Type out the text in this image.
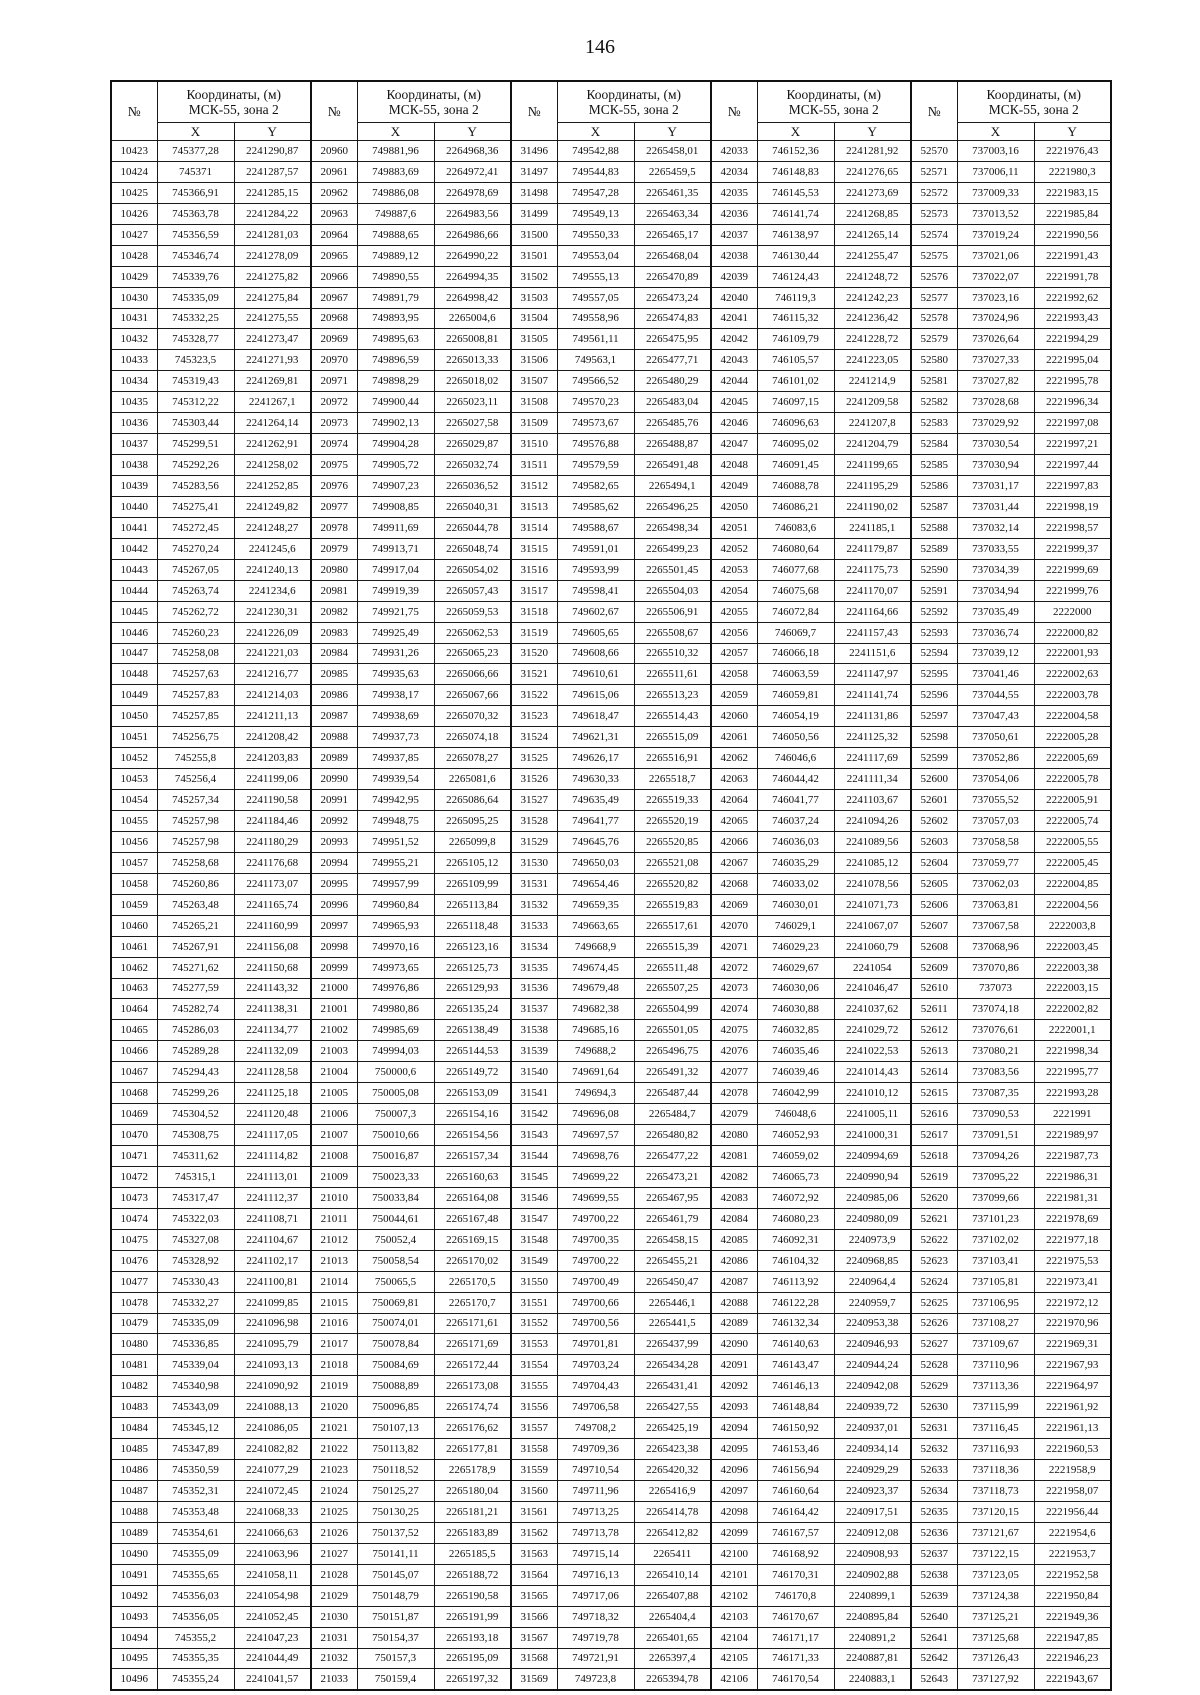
146
№	Координаты, (м)
МСК-55, зона 2		№	Координаты, (м)
МСК-55, зона 2		№	Координаты, (м)
МСК-55, зона 2		№	Координаты, (м)
МСК-55, зона 2		№	Координаты, (м)
МСК-55, зона 2	
	X	Y		X	Y		X	Y		X	Y		X	Y
10423	745377,28	2241290,87	20960	749881,96	2264968,36	31496	749542,88	2265458,01	42033	746152,36	2241281,92	52570	737003,16	2221976,43
10424	745371	2241287,57	20961	749883,69	2264972,41	31497	749544,83	2265459,5	42034	746148,83	2241276,65	52571	737006,11	2221980,3
10425	745366,91	2241285,15	20962	749886,08	2264978,69	31498	749547,28	2265461,35	42035	746145,53	2241273,69	52572	737009,33	2221983,15
10426	745363,78	2241284,22	20963	749887,6	2264983,56	31499	749549,13	2265463,34	42036	746141,74	2241268,85	52573	737013,52	2221985,84
10427	745356,59	2241281,03	20964	749888,65	2264986,66	31500	749550,33	2265465,17	42037	746138,97	2241265,14	52574	737019,24	2221990,56
10428	745346,74	2241278,09	20965	749889,12	2264990,22	31501	749553,04	2265468,04	42038	746130,44	2241255,47	52575	737021,06	2221991,43
10429	745339,76	2241275,82	20966	749890,55	2264994,35	31502	749555,13	2265470,89	42039	746124,43	2241248,72	52576	737022,07	2221991,78
10430	745335,09	2241275,84	20967	749891,79	2264998,42	31503	749557,05	2265473,24	42040	746119,3	2241242,23	52577	737023,16	2221992,62
10431	745332,25	2241275,55	20968	749893,95	2265004,6	31504	749558,96	2265474,83	42041	746115,32	2241236,42	52578	737024,96	2221993,43
10432	745328,77	2241273,47	20969	749895,63	2265008,81	31505	749561,11	2265475,95	42042	746109,79	2241228,72	52579	737026,64	2221994,29
10433	745323,5	2241271,93	20970	749896,59	2265013,33	31506	749563,1	2265477,71	42043	746105,57	2241223,05	52580	737027,33	2221995,04
10434	745319,43	2241269,81	20971	749898,29	2265018,02	31507	749566,52	2265480,29	42044	746101,02	2241214,9	52581	737027,82	2221995,78
10435	745312,22	2241267,1	20972	749900,44	2265023,11	31508	749570,23	2265483,04	42045	746097,15	2241209,58	52582	737028,68	2221996,34
10436	745303,44	2241264,14	20973	749902,13	2265027,58	31509	749573,67	2265485,76	42046	746096,63	2241207,8	52583	737029,92	2221997,08
10437	745299,51	2241262,91	20974	749904,28	2265029,87	31510	749576,88	2265488,87	42047	746095,02	2241204,79	52584	737030,54	2221997,21
10438	745292,26	2241258,02	20975	749905,72	2265032,74	31511	749579,59	2265491,48	42048	746091,45	2241199,65	52585	737030,94	2221997,44
10439	745283,56	2241252,85	20976	749907,23	2265036,52	31512	749582,65	2265494,1	42049	746088,78	2241195,29	52586	737031,17	2221997,83
10440	745275,41	2241249,82	20977	749908,85	2265040,31	31513	749585,62	2265496,25	42050	746086,21	2241190,02	52587	737031,44	2221998,19
10441	745272,45	2241248,27	20978	749911,69	2265044,78	31514	749588,67	2265498,34	42051	746083,6	2241185,1	52588	737032,14	2221998,57
10442	745270,24	2241245,6	20979	749913,71	2265048,74	31515	749591,01	2265499,23	42052	746080,64	2241179,87	52589	737033,55	2221999,37
10443	745267,05	2241240,13	20980	749917,04	2265054,02	31516	749593,99	2265501,45	42053	746077,68	2241175,73	52590	737034,39	2221999,69
10444	745263,74	2241234,6	20981	749919,39	2265057,43	31517	749598,41	2265504,03	42054	746075,68	2241170,07	52591	737034,94	2221999,76
10445	745262,72	2241230,31	20982	749921,75	2265059,53	31518	749602,67	2265506,91	42055	746072,84	2241164,66	52592	737035,49	2222000
10446	745260,23	2241226,09	20983	749925,49	2265062,53	31519	749605,65	2265508,67	42056	746069,7	2241157,43	52593	737036,74	2222000,82
10447	745258,08	2241221,03	20984	749931,26	2265065,23	31520	749608,66	2265510,32	42057	746066,18	2241151,6	52594	737039,12	2222001,93
10448	745257,63	2241216,77	20985	749935,63	2265066,66	31521	749610,61	2265511,61	42058	746063,59	2241147,97	52595	737041,46	2222002,63
10449	745257,83	2241214,03	20986	749938,17	2265067,66	31522	749615,06	2265513,23	42059	746059,81	2241141,74	52596	737044,55	2222003,78
10450	745257,85	2241211,13	20987	749938,69	2265070,32	31523	749618,47	2265514,43	42060	746054,19	2241131,86	52597	737047,43	2222004,58
10451	745256,75	2241208,42	20988	749937,73	2265074,18	31524	749621,31	2265515,09	42061	746050,56	2241125,32	52598	737050,61	2222005,28
10452	745255,8	2241203,83	20989	749937,85	2265078,27	31525	749626,17	2265516,91	42062	746046,6	2241117,69	52599	737052,86	2222005,69
10453	745256,4	2241199,06	20990	749939,54	2265081,6	31526	749630,33	2265518,7	42063	746044,42	2241111,34	52600	737054,06	2222005,78
10454	745257,34	2241190,58	20991	749942,95	2265086,64	31527	749635,49	2265519,33	42064	746041,77	2241103,67	52601	737055,52	2222005,91
10455	745257,98	2241184,46	20992	749948,75	2265095,25	31528	749641,77	2265520,19	42065	746037,24	2241094,26	52602	737057,03	2222005,74
10456	745257,98	2241180,29	20993	749951,52	2265099,8	31529	749645,76	2265520,85	42066	746036,03	2241089,56	52603	737058,58	2222005,55
10457	745258,68	2241176,68	20994	749955,21	2265105,12	31530	749650,03	2265521,08	42067	746035,29	2241085,12	52604	737059,77	2222005,45
10458	745260,86	2241173,07	20995	749957,99	2265109,99	31531	749654,46	2265520,82	42068	746033,02	2241078,56	52605	737062,03	2222004,85
10459	745263,48	2241165,74	20996	749960,84	2265113,84	31532	749659,35	2265519,83	42069	746030,01	2241071,73	52606	737063,81	2222004,56
10460	745265,21	2241160,99	20997	749965,93	2265118,48	31533	749663,65	2265517,61	42070	746029,1	2241067,07	52607	737067,58	2222003,8
10461	745267,91	2241156,08	20998	749970,16	2265123,16	31534	749668,9	2265515,39	42071	746029,23	2241060,79	52608	737068,96	2222003,45
10462	745271,62	2241150,68	20999	749973,65	2265125,73	31535	749674,45	2265511,48	42072	746029,67	2241054	52609	737070,86	2222003,38
10463	745277,59	2241143,32	21000	749976,86	2265129,93	31536	749679,48	2265507,25	42073	746030,06	2241046,47	52610	737073	2222003,15
10464	745282,74	2241138,31	21001	749980,86	2265135,24	31537	749682,38	2265504,99	42074	746030,88	2241037,62	52611	737074,18	2222002,82
10465	745286,03	2241134,77	21002	749985,69	2265138,49	31538	749685,16	2265501,05	42075	746032,85	2241029,72	52612	737076,61	2222001,1
10466	745289,28	2241132,09	21003	749994,03	2265144,53	31539	749688,2	2265496,75	42076	746035,46	2241022,53	52613	737080,21	2221998,34
10467	745294,43	2241128,58	21004	750000,6	2265149,72	31540	749691,64	2265491,32	42077	746039,46	2241014,43	52614	737083,56	2221995,77
10468	745299,26	2241125,18	21005	750005,08	2265153,09	31541	749694,3	2265487,44	42078	746042,99	2241010,12	52615	737087,35	2221993,28
10469	745304,52	2241120,48	21006	750007,3	2265154,16	31542	749696,08	2265484,7	42079	746048,6	2241005,11	52616	737090,53	2221991
10470	745308,75	2241117,05	21007	750010,66	2265154,56	31543	749697,57	2265480,82	42080	746052,93	2241000,31	52617	737091,51	2221989,97
10471	745311,62	2241114,82	21008	750016,87	2265157,34	31544	749698,76	2265477,22	42081	746059,02	2240994,69	52618	737094,26	2221987,73
10472	745315,1	2241113,01	21009	750023,33	2265160,63	31545	749699,22	2265473,21	42082	746065,73	2240990,94	52619	737095,22	2221986,31
10473	745317,47	2241112,37	21010	750033,84	2265164,08	31546	749699,55	2265467,95	42083	746072,92	2240985,06	52620	737099,66	2221981,31
10474	745322,03	2241108,71	21011	750044,61	2265167,48	31547	749700,22	2265461,79	42084	746080,23	2240980,09	52621	737101,23	2221978,69
10475	745327,08	2241104,67	21012	750052,4	2265169,15	31548	749700,35	2265458,15	42085	746092,31	2240973,9	52622	737102,02	2221977,18
10476	745328,92	2241102,17	21013	750058,54	2265170,02	31549	749700,22	2265455,21	42086	746104,32	2240968,85	52623	737103,41	2221975,53
10477	745330,43	2241100,81	21014	750065,5	2265170,5	31550	749700,49	2265450,47	42087	746113,92	2240964,4	52624	737105,81	2221973,41
10478	745332,27	2241099,85	21015	750069,81	2265170,7	31551	749700,66	2265446,1	42088	746122,28	2240959,7	52625	737106,95	2221972,12
10479	745335,09	2241096,98	21016	750074,01	2265171,61	31552	749700,56	2265441,5	42089	746132,34	2240953,38	52626	737108,27	2221970,96
10480	745336,85	2241095,79	21017	750078,84	2265171,69	31553	749701,81	2265437,99	42090	746140,63	2240946,93	52627	737109,67	2221969,31
10481	745339,04	2241093,13	21018	750084,69	2265172,44	31554	749703,24	2265434,28	42091	746143,47	2240944,24	52628	737110,96	2221967,93
10482	745340,98	2241090,92	21019	750088,89	2265173,08	31555	749704,43	2265431,41	42092	746146,13	2240942,08	52629	737113,36	2221964,97
10483	745343,09	2241088,13	21020	750096,85	2265174,74	31556	749706,58	2265427,55	42093	746148,84	2240939,72	52630	737115,99	2221961,92
10484	745345,12	2241086,05	21021	750107,13	2265176,62	31557	749708,2	2265425,19	42094	746150,92	2240937,01	52631	737116,45	2221961,13
10485	745347,89	2241082,82	21022	750113,82	2265177,81	31558	749709,36	2265423,38	42095	746153,46	2240934,14	52632	737116,93	2221960,53
10486	745350,59	2241077,29	21023	750118,52	2265178,9	31559	749710,54	2265420,32	42096	746156,94	2240929,29	52633	737118,36	2221958,9
10487	745352,31	2241072,45	21024	750125,27	2265180,04	31560	749711,96	2265416,9	42097	746160,64	2240923,37	52634	737118,73	2221958,07
10488	745353,48	2241068,33	21025	750130,25	2265181,21	31561	749713,25	2265414,78	42098	746164,42	2240917,51	52635	737120,15	2221956,44
10489	745354,61	2241066,63	21026	750137,52	2265183,89	31562	749713,78	2265412,82	42099	746167,57	2240912,08	52636	737121,67	2221954,6
10490	745355,09	2241063,96	21027	750141,11	2265185,5	31563	749715,14	2265411	42100	746168,92	2240908,93	52637	737122,15	2221953,7
10491	745355,65	2241058,11	21028	750145,07	2265188,72	31564	749716,13	2265410,14	42101	746170,31	2240902,88	52638	737123,05	2221952,58
10492	745356,03	2241054,98	21029	750148,79	2265190,58	31565	749717,06	2265407,88	42102	746170,8	2240899,1	52639	737124,38	2221950,84
10493	745356,05	2241052,45	21030	750151,87	2265191,99	31566	749718,32	2265404,4	42103	746170,67	2240895,84	52640	737125,21	2221949,36
10494	745355,2	2241047,23	21031	750154,37	2265193,18	31567	749719,78	2265401,65	42104	746171,17	2240891,2	52641	737125,68	2221947,85
10495	745355,35	2241044,49	21032	750157,3	2265195,09	31568	749721,91	2265397,4	42105	746171,33	2240887,81	52642	737126,43	2221946,23
10496	745355,24	2241041,57	21033	750159,4	2265197,32	31569	749723,8	2265394,78	42106	746170,54	2240883,1	52643	737127,92	2221943,67
